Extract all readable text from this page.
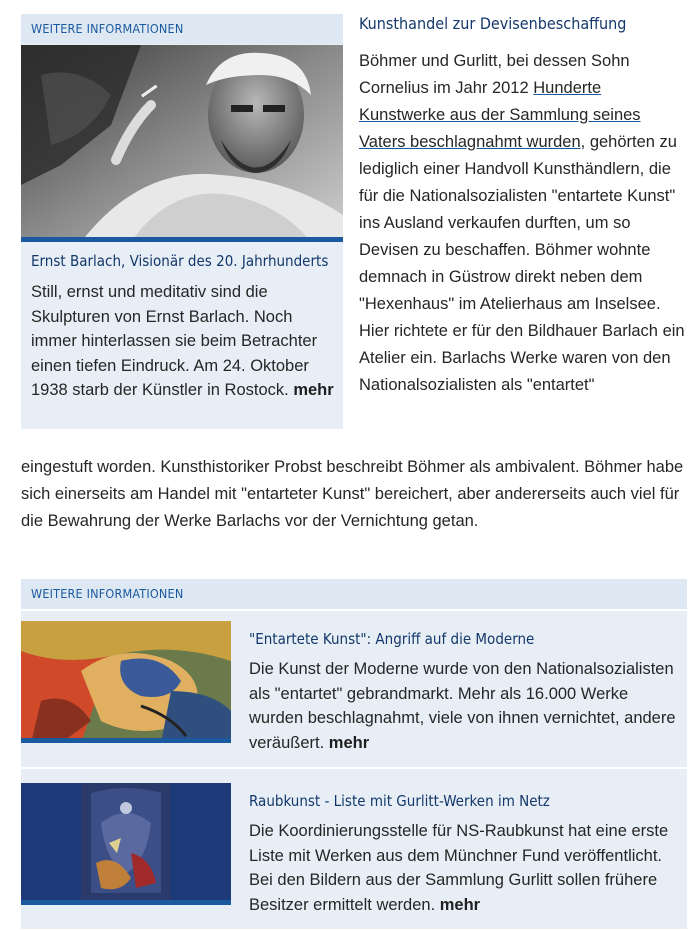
WEITERE INFORMATIONEN
Ernst Barlach, Visionär des 20. Jahrhunderts
Still, ernst und meditativ sind die Skulpturen von Ernst Barlach. Noch immer hinterlassen sie beim Betrachter einen tiefen Eindruck. Am 24. Oktober 1938 starb der Künstler in Rostock. mehr
Kunsthandel zur Devisenbeschaffung
Böhmer und Gurlitt, bei dessen Sohn Cornelius im Jahr 2012 Hunderte Kunstwerke aus der Sammlung seines Vaters beschlagnahmt wurden, gehörten zu lediglich einer Handvoll Kunsthändlern, die für die Nationalsozialisten "entartete Kunst" ins Ausland verkaufen durften, um so Devisen zu beschaffen. Böhmer wohnte demnach in Güstrow direkt neben dem "Hexenhaus" im Atelierhaus am Inselsee. Hier richtete er für den Bildhauer Barlach ein Atelier ein. Barlachs Werke waren von den Nationalsozialisten als "entartet"
eingestuft worden. Kunsthistoriker Probst beschreibt Böhmer als ambivalent. Böhmer habe sich einerseits am Handel mit "entarteter Kunst" bereichert, aber andererseits auch viel für die Bewahrung der Werke Barlachs vor der Vernichtung getan.
WEITERE INFORMATIONEN
"Entartete Kunst": Angriff auf die Moderne
Die Kunst der Moderne wurde von den Nationalsozialisten als "entartet" gebrandmarkt. Mehr als 16.000 Werke wurden beschlagnahmt, viele von ihnen vernichtet, andere veräußert. mehr
Raubkunst - Liste mit Gurlitt-Werken im Netz
Die Koordinierungsstelle für NS-Raubkunst hat eine erste Liste mit Werken aus dem Münchner Fund veröffentlicht. Bei den Bildern aus der Sammlung Gurlitt sollen frühere Besitzer ermittelt werden. mehr
